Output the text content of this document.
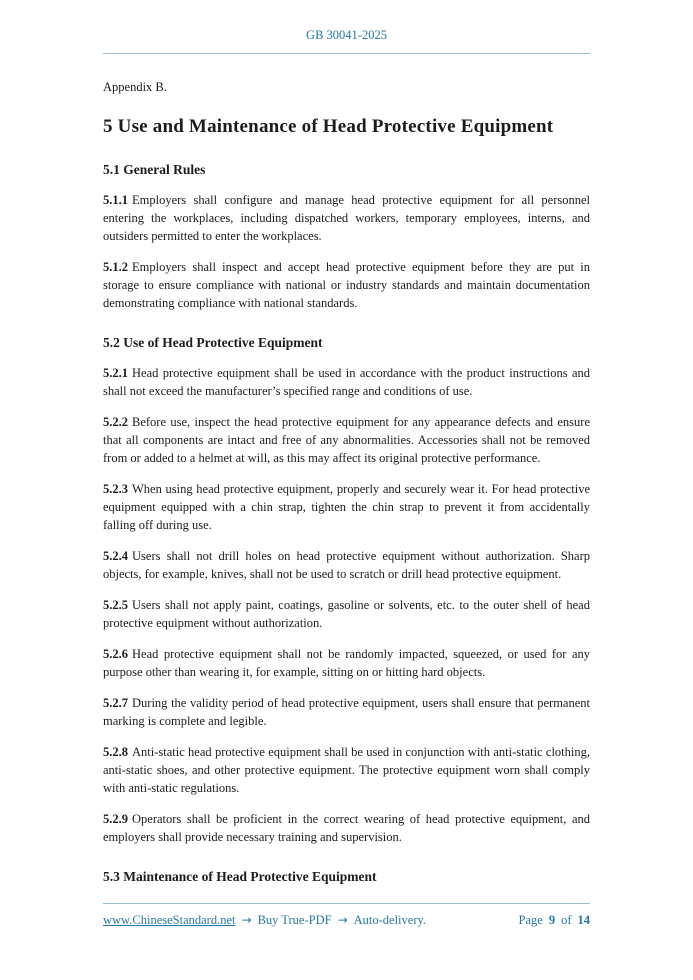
GB 30041-2025
Appendix B.
5 Use and Maintenance of Head Protective Equipment
5.1 General Rules

5.1.1 Employers shall configure and manage head protective equipment for all personnel entering the workplaces, including dispatched workers, temporary employees, interns, and outsiders permitted to enter the workplaces.

5.1.2 Employers shall inspect and accept head protective equipment before they are put in storage to ensure compliance with national or industry standards and maintain documentation demonstrating compliance with national standards.

5.2 Use of Head Protective Equipment

5.2.1 Head protective equipment shall be used in accordance with the product instructions and shall not exceed the manufacturer’s specified range and conditions of use.

5.2.2 Before use, inspect the head protective equipment for any appearance defects and ensure that all components are intact and free of any abnormalities. Accessories shall not be removed from or added to a helmet at will, as this may affect its original protective performance.

5.2.3 When using head protective equipment, properly and securely wear it. For head protective equipment equipped with a chin strap, tighten the chin strap to prevent it from accidentally falling off during use.

5.2.4 Users shall not drill holes on head protective equipment without authorization. Sharp objects, for example, knives, shall not be used to scratch or drill head protective equipment.

5.2.5 Users shall not apply paint, coatings, gasoline or solvents, etc. to the outer shell of head protective equipment without authorization.

5.2.6 Head protective equipment shall not be randomly impacted, squeezed, or used for any purpose other than wearing it, for example, sitting on or hitting hard objects.

5.2.7 During the validity period of head protective equipment, users shall ensure that permanent marking is complete and legible.

5.2.8 Anti-static head protective equipment shall be used in conjunction with anti-static clothing, anti-static shoes, and other protective equipment. The protective equipment worn shall comply with anti-static regulations.

5.2.9 Operators shall be proficient in the correct wearing of head protective equipment, and employers shall provide necessary training and supervision.

5.3 Maintenance of Head Protective Equipment
www.ChineseStandard.net → Buy True-PDF → Auto-delivery.	Page 9 of 14
